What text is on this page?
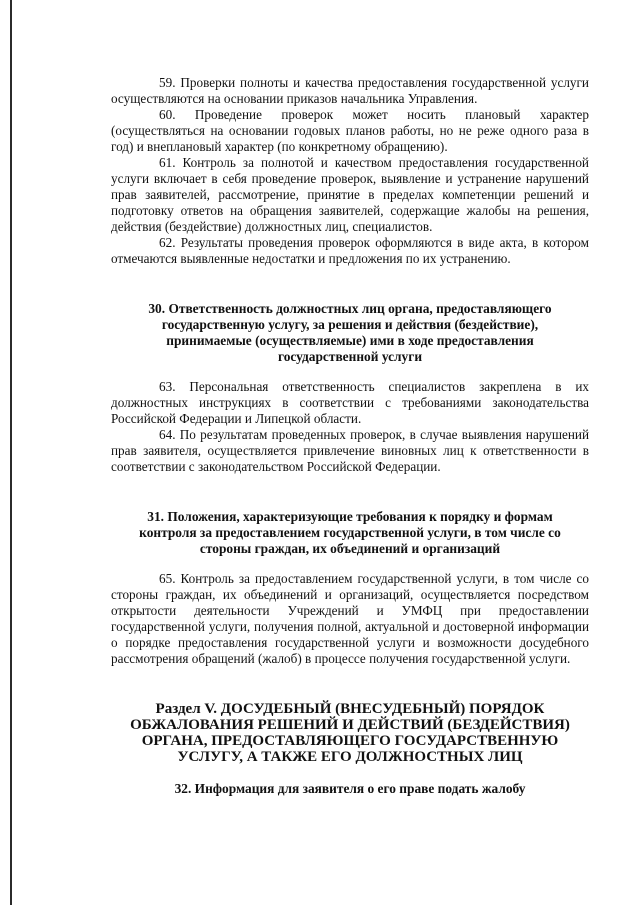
59. Проверки полноты и качества предоставления государственной услуги осуществляются на основании приказов начальника Управления.

60. Проведение проверок может носить плановый характер (осуществляться на основании годовых планов работы, но не реже одного раза в год) и внеплановый характер (по конкретному обращению).

61. Контроль за полнотой и качеством предоставления государственной услуги включает в себя проведение проверок, выявление и устранение нарушений прав заявителей, рассмотрение, принятие в пределах компетенции решений и подготовку ответов на обращения заявителей, содержащие жалобы на решения, действия (бездействие) должностных лиц, специалистов.

62. Результаты проведения проверок оформляются в виде акта, в котором отмечаются выявленные недостатки и предложения по их устранению.

30. Ответственность должностных лиц органа, предоставляющего государственную услугу, за решения и действия (бездействие), принимаемые (осуществляемые) ими в ходе предоставления государственной услуги

63. Персональная ответственность специалистов закреплена в их должностных инструкциях в соответствии с требованиями законодательства Российской Федерации и Липецкой области.

64. По результатам проведенных проверок, в случае выявления нарушений прав заявителя, осуществляется привлечение виновных лиц к ответственности в соответствии с законодательством Российской Федерации.

31. Положения, характеризующие требования к порядку и формам контроля за предоставлением государственной услуги, в том числе со стороны граждан, их объединений и организаций

65. Контроль за предоставлением государственной услуги, в том числе со стороны граждан, их объединений и организаций, осуществляется посредством открытости деятельности Учреждений и УМФЦ при предоставлении государственной услуги, получения полной, актуальной и достоверной информации о порядке предоставления государственной услуги и возможности досудебного рассмотрения обращений (жалоб) в процессе получения государственной услуги.

Раздел V. ДОСУДЕБНЫЙ (ВНЕСУДЕБНЫЙ) ПОРЯДОК ОБЖАЛОВАНИЯ РЕШЕНИЙ И ДЕЙСТВИЙ (БЕЗДЕЙСТВИЯ) ОРГАНА, ПРЕДОСТАВЛЯЮЩЕГО ГОСУДАРСТВЕННУЮ УСЛУГУ, А ТАКЖЕ ЕГО ДОЛЖНОСТНЫХ ЛИЦ

32. Информация для заявителя о его праве подать жалобу
